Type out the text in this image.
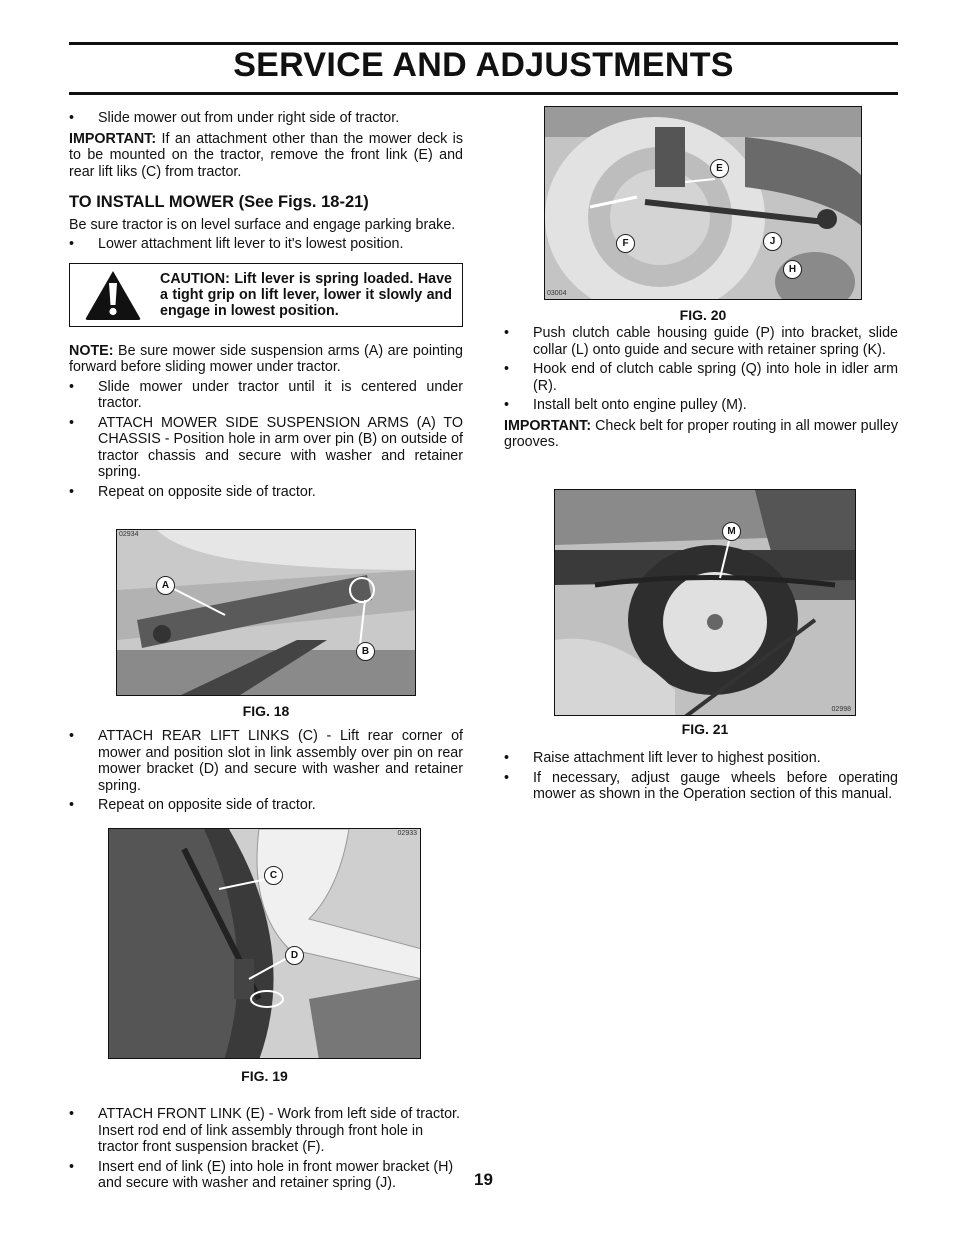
SERVICE AND ADJUSTMENTS

• Slide mower out from under right side of tractor.

IMPORTANT: If an attachment other than the mower deck is to be mounted on the tractor, remove the front link (E) and rear lift liks (C) from tractor.

TO INSTALL MOWER (See Figs. 18-21)

Be sure tractor is on level surface and engage parking brake.

• Lower attachment lift lever to it's lowest position.

CAUTION: Lift lever is spring loaded. Have a tight grip on lift lever, lower it slowly and engage in lowest position.

NOTE: Be sure mower side suspension arms (A) are pointing forward before sliding mower under tractor.

• Slide mower under tractor until it is centered under tractor.

• ATTACH MOWER SIDE SUSPENSION ARMS (A) TO CHASSIS - Position hole in arm over pin (B) on outside of tractor chassis and secure with washer and retainer spring.

• Repeat on opposite side of tractor.

02934
A
B
FIG. 18

• ATTACH REAR LIFT LINKS (C) - Lift rear corner of mower and position slot in link assembly over pin on rear mower bracket (D) and secure with washer and retainer spring.

• Repeat on opposite side of tractor.

02933
C
D
FIG. 19

• ATTACH FRONT LINK (E) - Work from left side of tractor. Insert rod end of link assembly through front hole in tractor front suspension bracket (F).

• Insert end of link (E) into hole in front mower bracket (H) and secure with washer and retainer spring (J).

03004
E
F	J
H
FIG. 20

• Push clutch cable housing guide (P) into bracket, slide collar (L) onto guide and secure with retainer spring (K).

• Hook end of clutch cable spring (Q) into hole in idler arm (R).

• Install belt onto engine pulley (M).

IMPORTANT: Check belt for proper routing in all mower pulley grooves.

02998
M
FIG. 21

• Raise attachment lift lever to highest position.

• If necessary, adjust gauge wheels before operating mower as shown in the Operation section of this manual.

19
